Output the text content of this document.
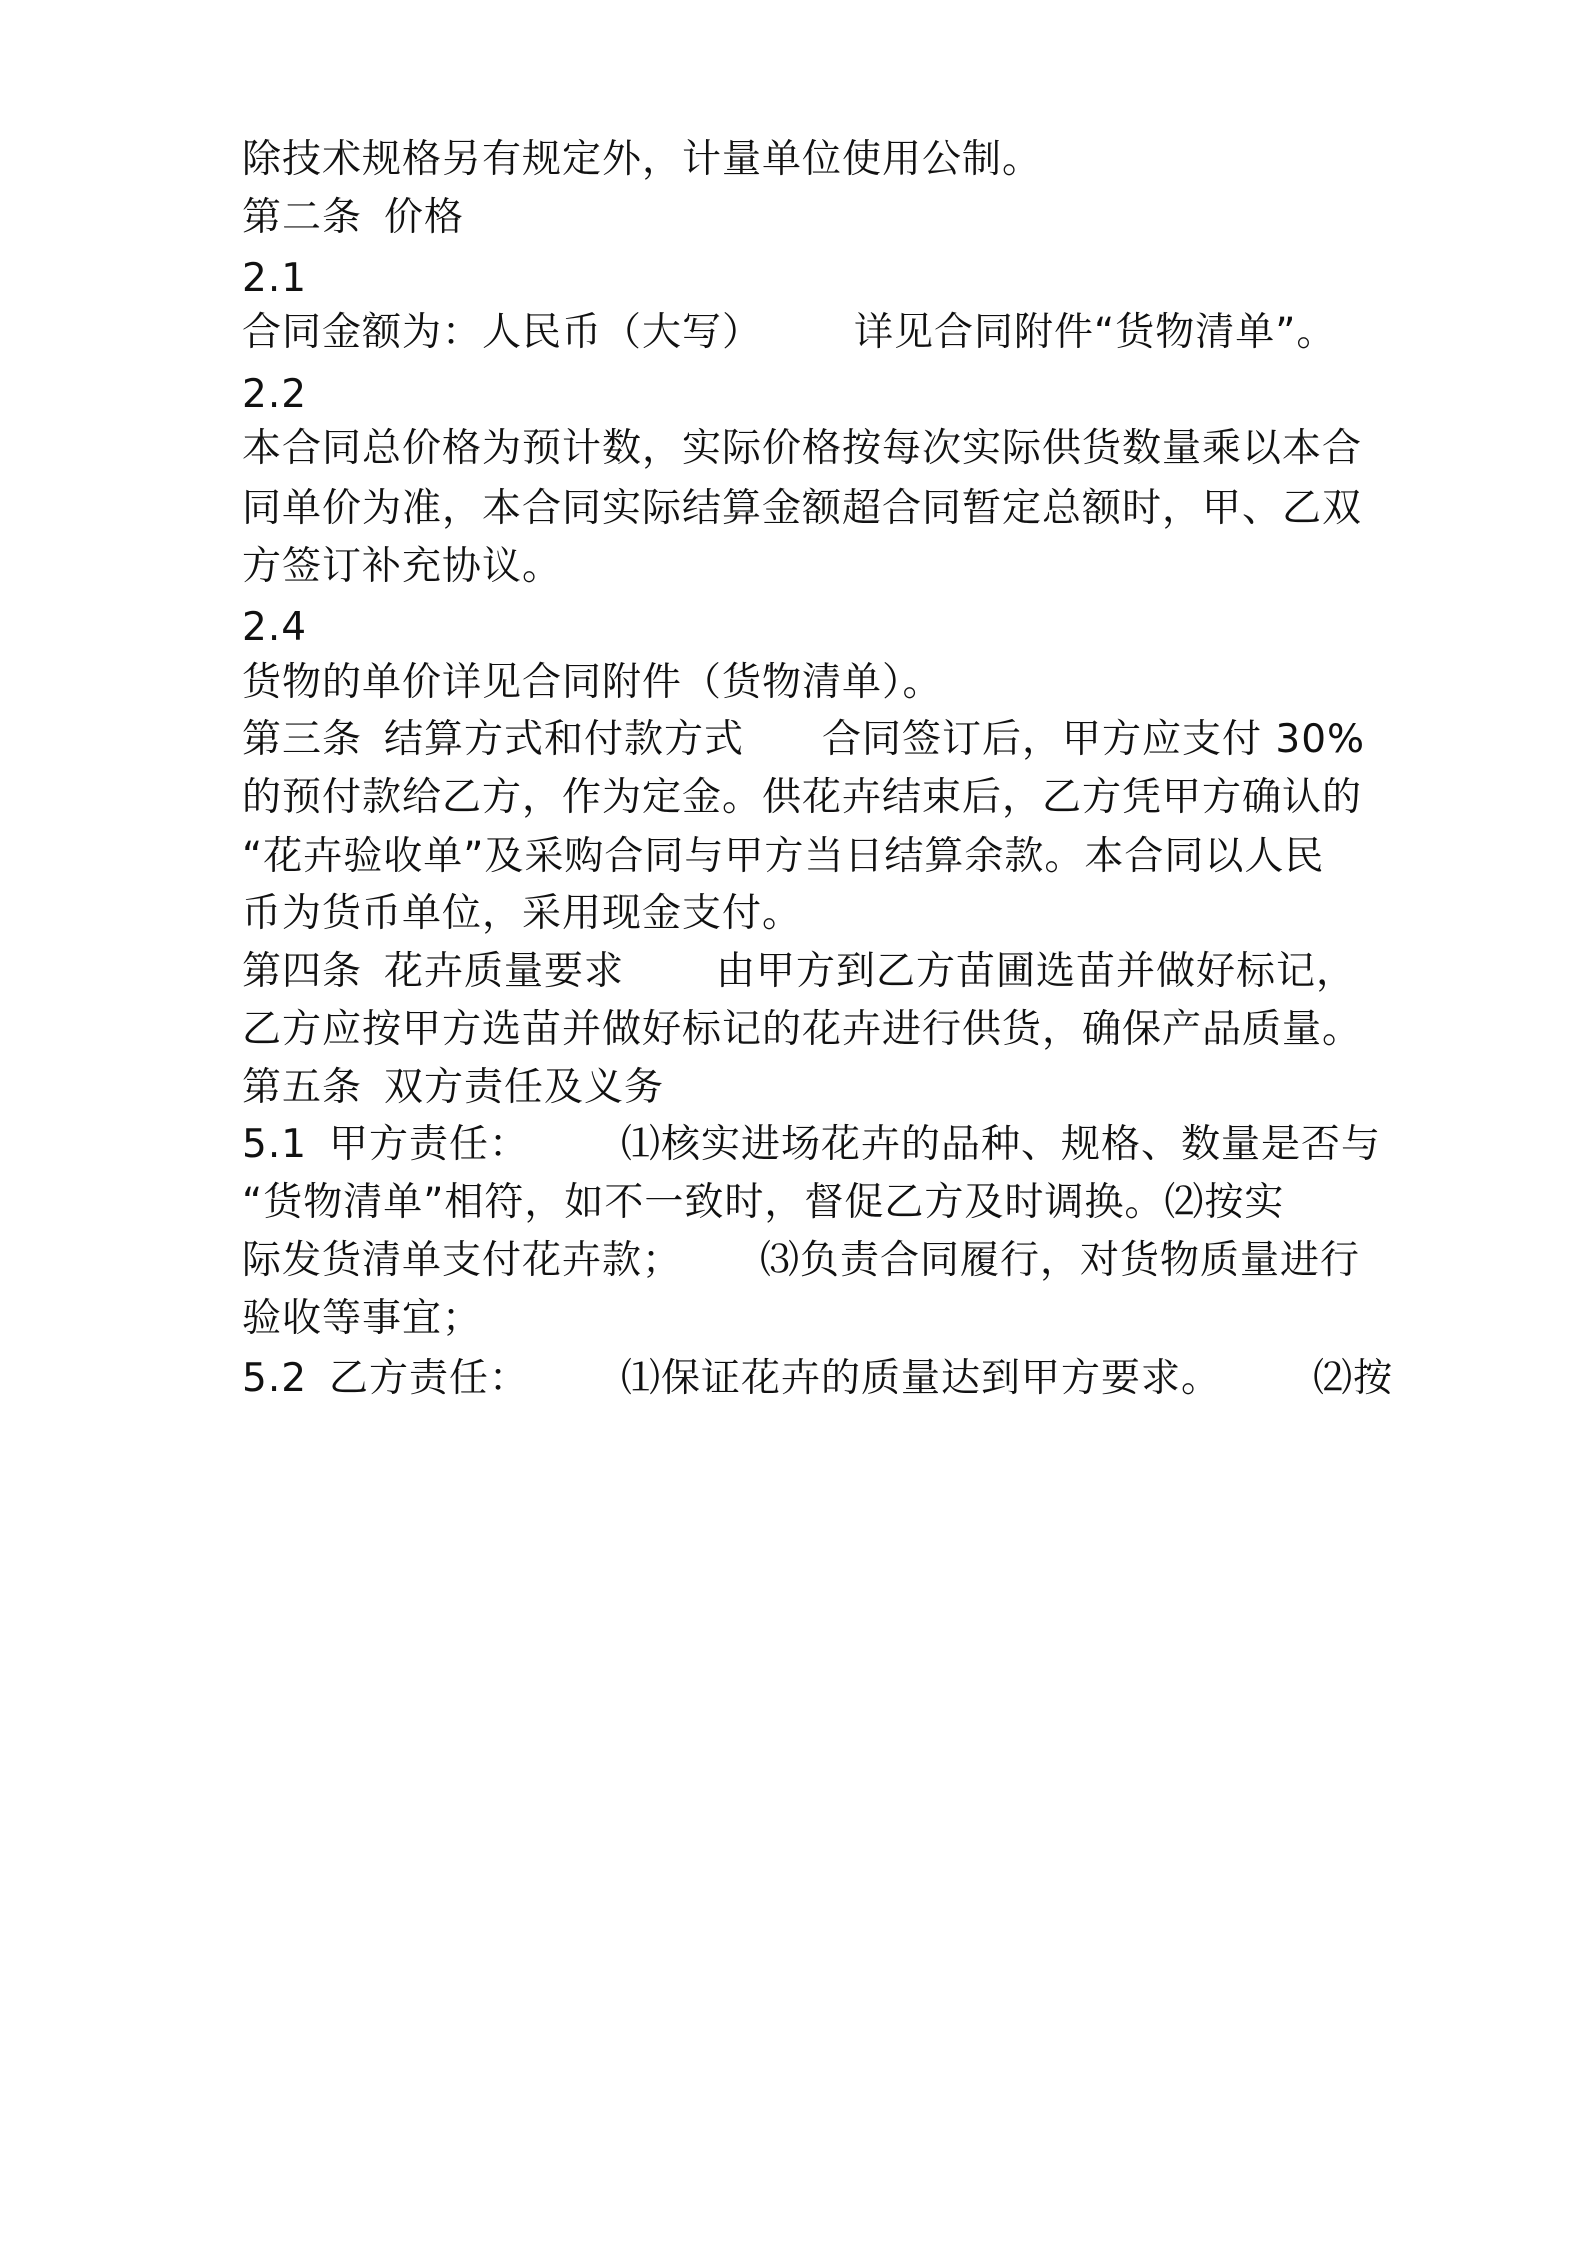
除技术规格另有规定外，计量单位使用公制。
第二条 价格
2.1
合同金额为：人民币（大写） 详见合同附件“货物清单”。
2.2
本合同总价格为预计数，实际价格按每次实际供货数量乘以本合
同单价为准，本合同实际结算金额超合同暂定总额时，甲、乙双
方签订补充协议。
2.4
货物的单价详见合同附件（货物清单）。
第三条 结算方式和付款方式 合同签订后，甲方应支付 30%
的预付款给乙方，作为定金。供花卉结束后，乙方凭甲方确认的
“花卉验收单”及采购合同与甲方当日结算余款。本合同以人民
币为货币单位，采用现金支付。
第四条 花卉质量要求 由甲方到乙方苗圃选苗并做好标记，
乙方应按甲方选苗并做好标记的花卉进行供货，确保产品质量。
第五条 双方责任及义务
5.1 甲方责任： ⑴核实进场花卉的品种、规格、数量是否与
“货物清单”相符，如不一致时，督促乙方及时调换。⑵按实
际发货清单支付花卉款； ⑶负责合同履行，对货物质量进行
验收等事宜；
5.2 乙方责任： ⑴保证花卉的质量达到甲方要求。 ⑵按
